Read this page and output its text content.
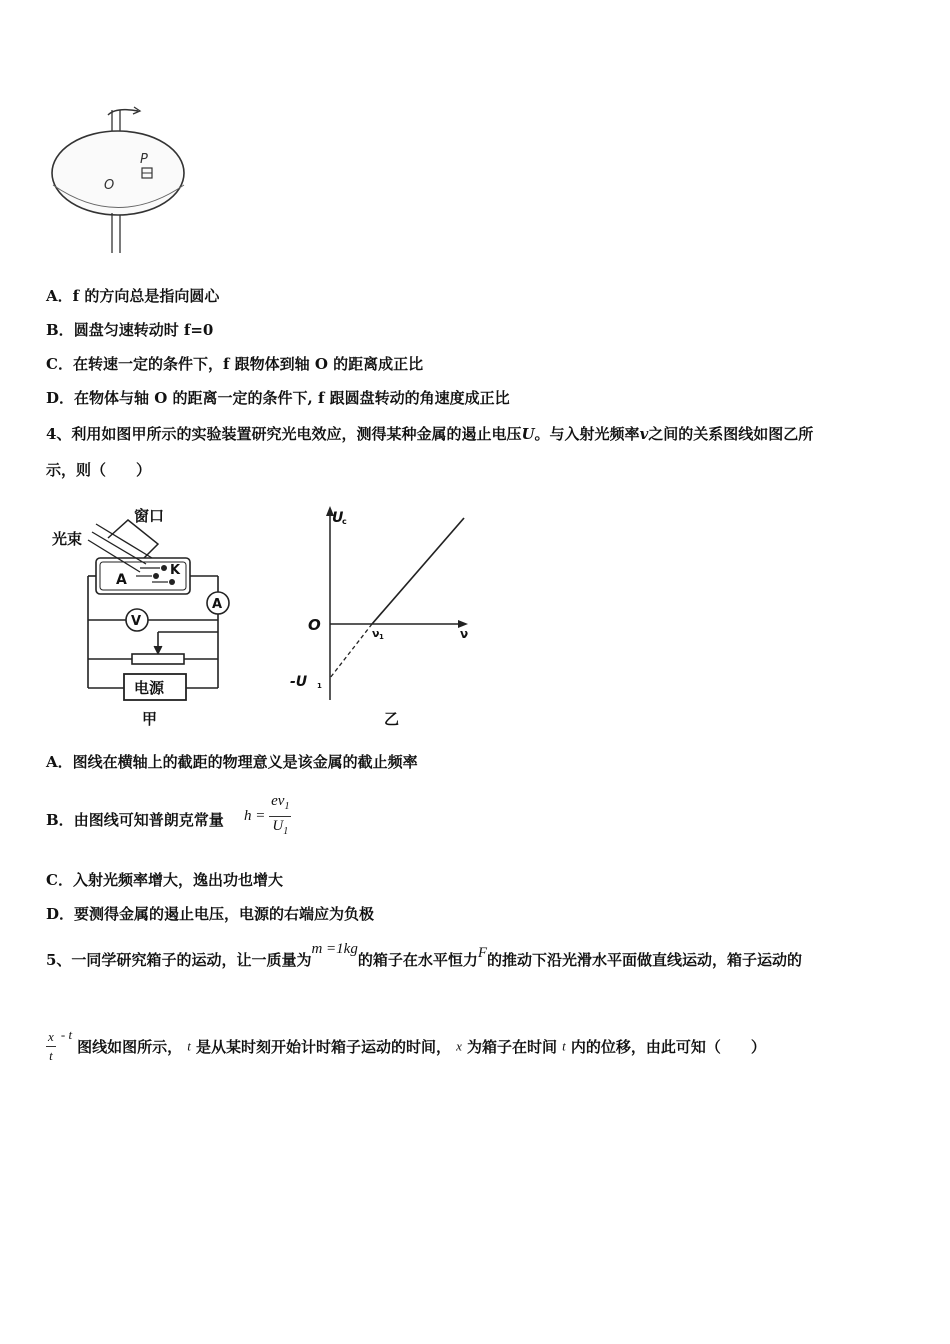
P
O
A．f 的方向总是指向圆心
B．圆盘匀速转动时 f=0
C．在转速一定的条件下，f 跟物体到轴 O 的距离成正比
D．在物体与轴 O 的距离一定的条件下, f 跟圆盘转动的角速度成正比
4、利用如图甲所示的实验装置研究光电效应，测得某种金属的遏止电压U。与入射光频率v之间的关系图线如图乙所
示，则（　　）
窗口
光束
A
K
A
V
电源
甲
U
c
ν
O	ν 1
-U 1
乙
A．图线在横轴上的截距的物理意义是该金属的截止频率
B．由图线可知普朗克常量 $h = \frac{ev_1}{U_1}$
C．入射光频率增大，逸出功也增大
D．要测得金属的遏止电压，电源的右端应为负极
5、一同学研究箱子的运动，让一质量为m =1kg的箱子在水平恒力F的推动下沿光滑水平面做直线运动，箱子运动的
$\frac{x}{t} ^{- t}$ 图线如图所示， t 是从某时刻开始计时箱子运动的时间， x 为箱子在时间 t 内的位移，由此可知（　　）
